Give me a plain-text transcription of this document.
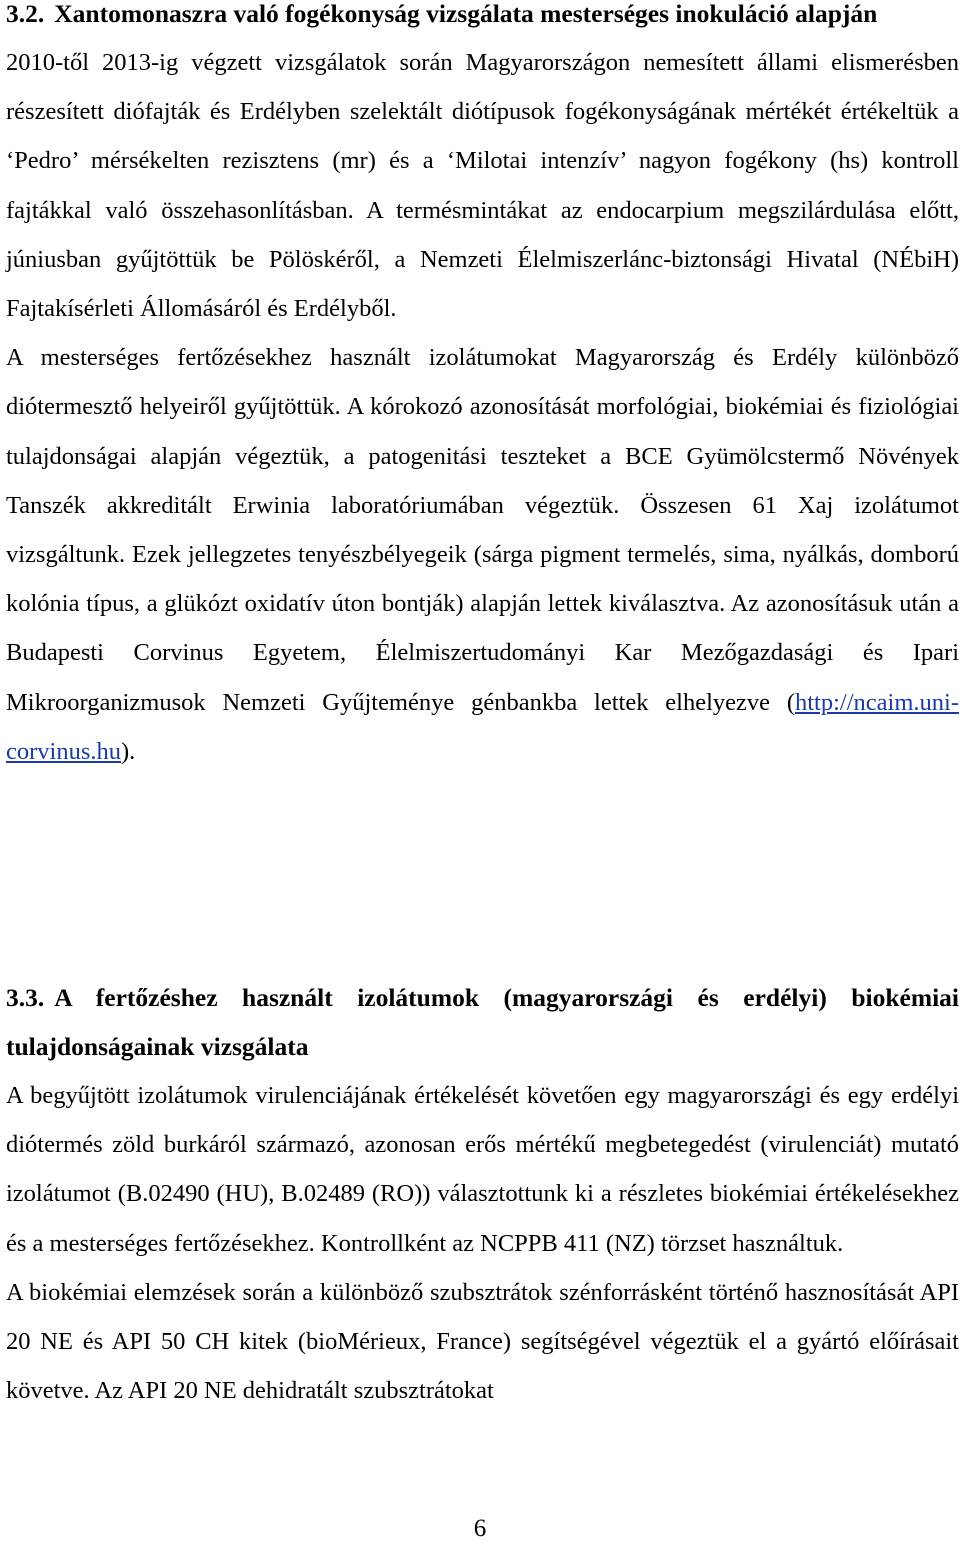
3.2. Xantomonaszra való fogékonyság vizsgálata mesterséges inokuláció alapján

2010-től 2013-ig végzett vizsgálatok során Magyarországon nemesített állami elismerésben részesített diófajták és Erdélyben szelektált diótípusok fogékonyságának mértékét értékeltük a ‘Pedro’ mérsékelten rezisztens (mr) és a ‘Milotai intenzív’ nagyon fogékony (hs) kontroll fajtákkal való összehasonlításban. A termésmintákat az endocarpium megszilárdulása előtt, júniusban gyűjtöttük be Pölöskéről, a Nemzeti Élelmiszerlánc-biztonsági Hivatal (NÉbiH) Fajtakísérleti Állomásáról és Erdélyből.

A mesterséges fertőzésekhez használt izolátumokat Magyarország és Erdély különböző diótermesztő helyeiről gyűjtöttük. A kórokozó azonosítását morfológiai, biokémiai és fiziológiai tulajdonságai alapján végeztük, a patogenitási teszteket a BCE Gyümölcstermő Növények Tanszék akkreditált Erwinia laboratóriumában végeztük. Összesen 61 Xaj izolátumot vizsgáltunk. Ezek jellegzetes tenyészbélyegeik (sárga pigment termelés, sima, nyálkás, domború kolónia típus, a glükózt oxidatív úton bontják) alapján lettek kiválasztva. Az azonosításuk után a Budapesti Corvinus Egyetem, Élelmiszertudományi Kar Mezőgazdasági és Ipari Mikroorganizmusok Nemzeti Gyűjteménye génbankba lettek elhelyezve (http://ncaim.uni-corvinus.hu).

3.3. A fertőzéshez használt izolátumok (magyarországi és erdélyi) biokémiai tulajdonságainak vizsgálata

A begyűjtött izolátumok virulenciájának értékelését követően egy magyarországi és egy erdélyi diótermés zöld burkáról származó, azonosan erős mértékű megbetegedést (virulenciát) mutató izolátumot (B.02490 (HU), B.02489 (RO)) választottunk ki a részletes biokémiai értékelésekhez és a mesterséges fertőzésekhez. Kontrollként az NCPPB 411 (NZ) törzset használtuk.

A biokémiai elemzések során a különböző szubsztrátok szénforrásként történő hasznosítását API 20 NE és API 50 CH kitek (bioMérieux, France) segítségével végeztük el a gyártó előírásait követve. Az API 20 NE dehidratált szubsztrátokat

6
